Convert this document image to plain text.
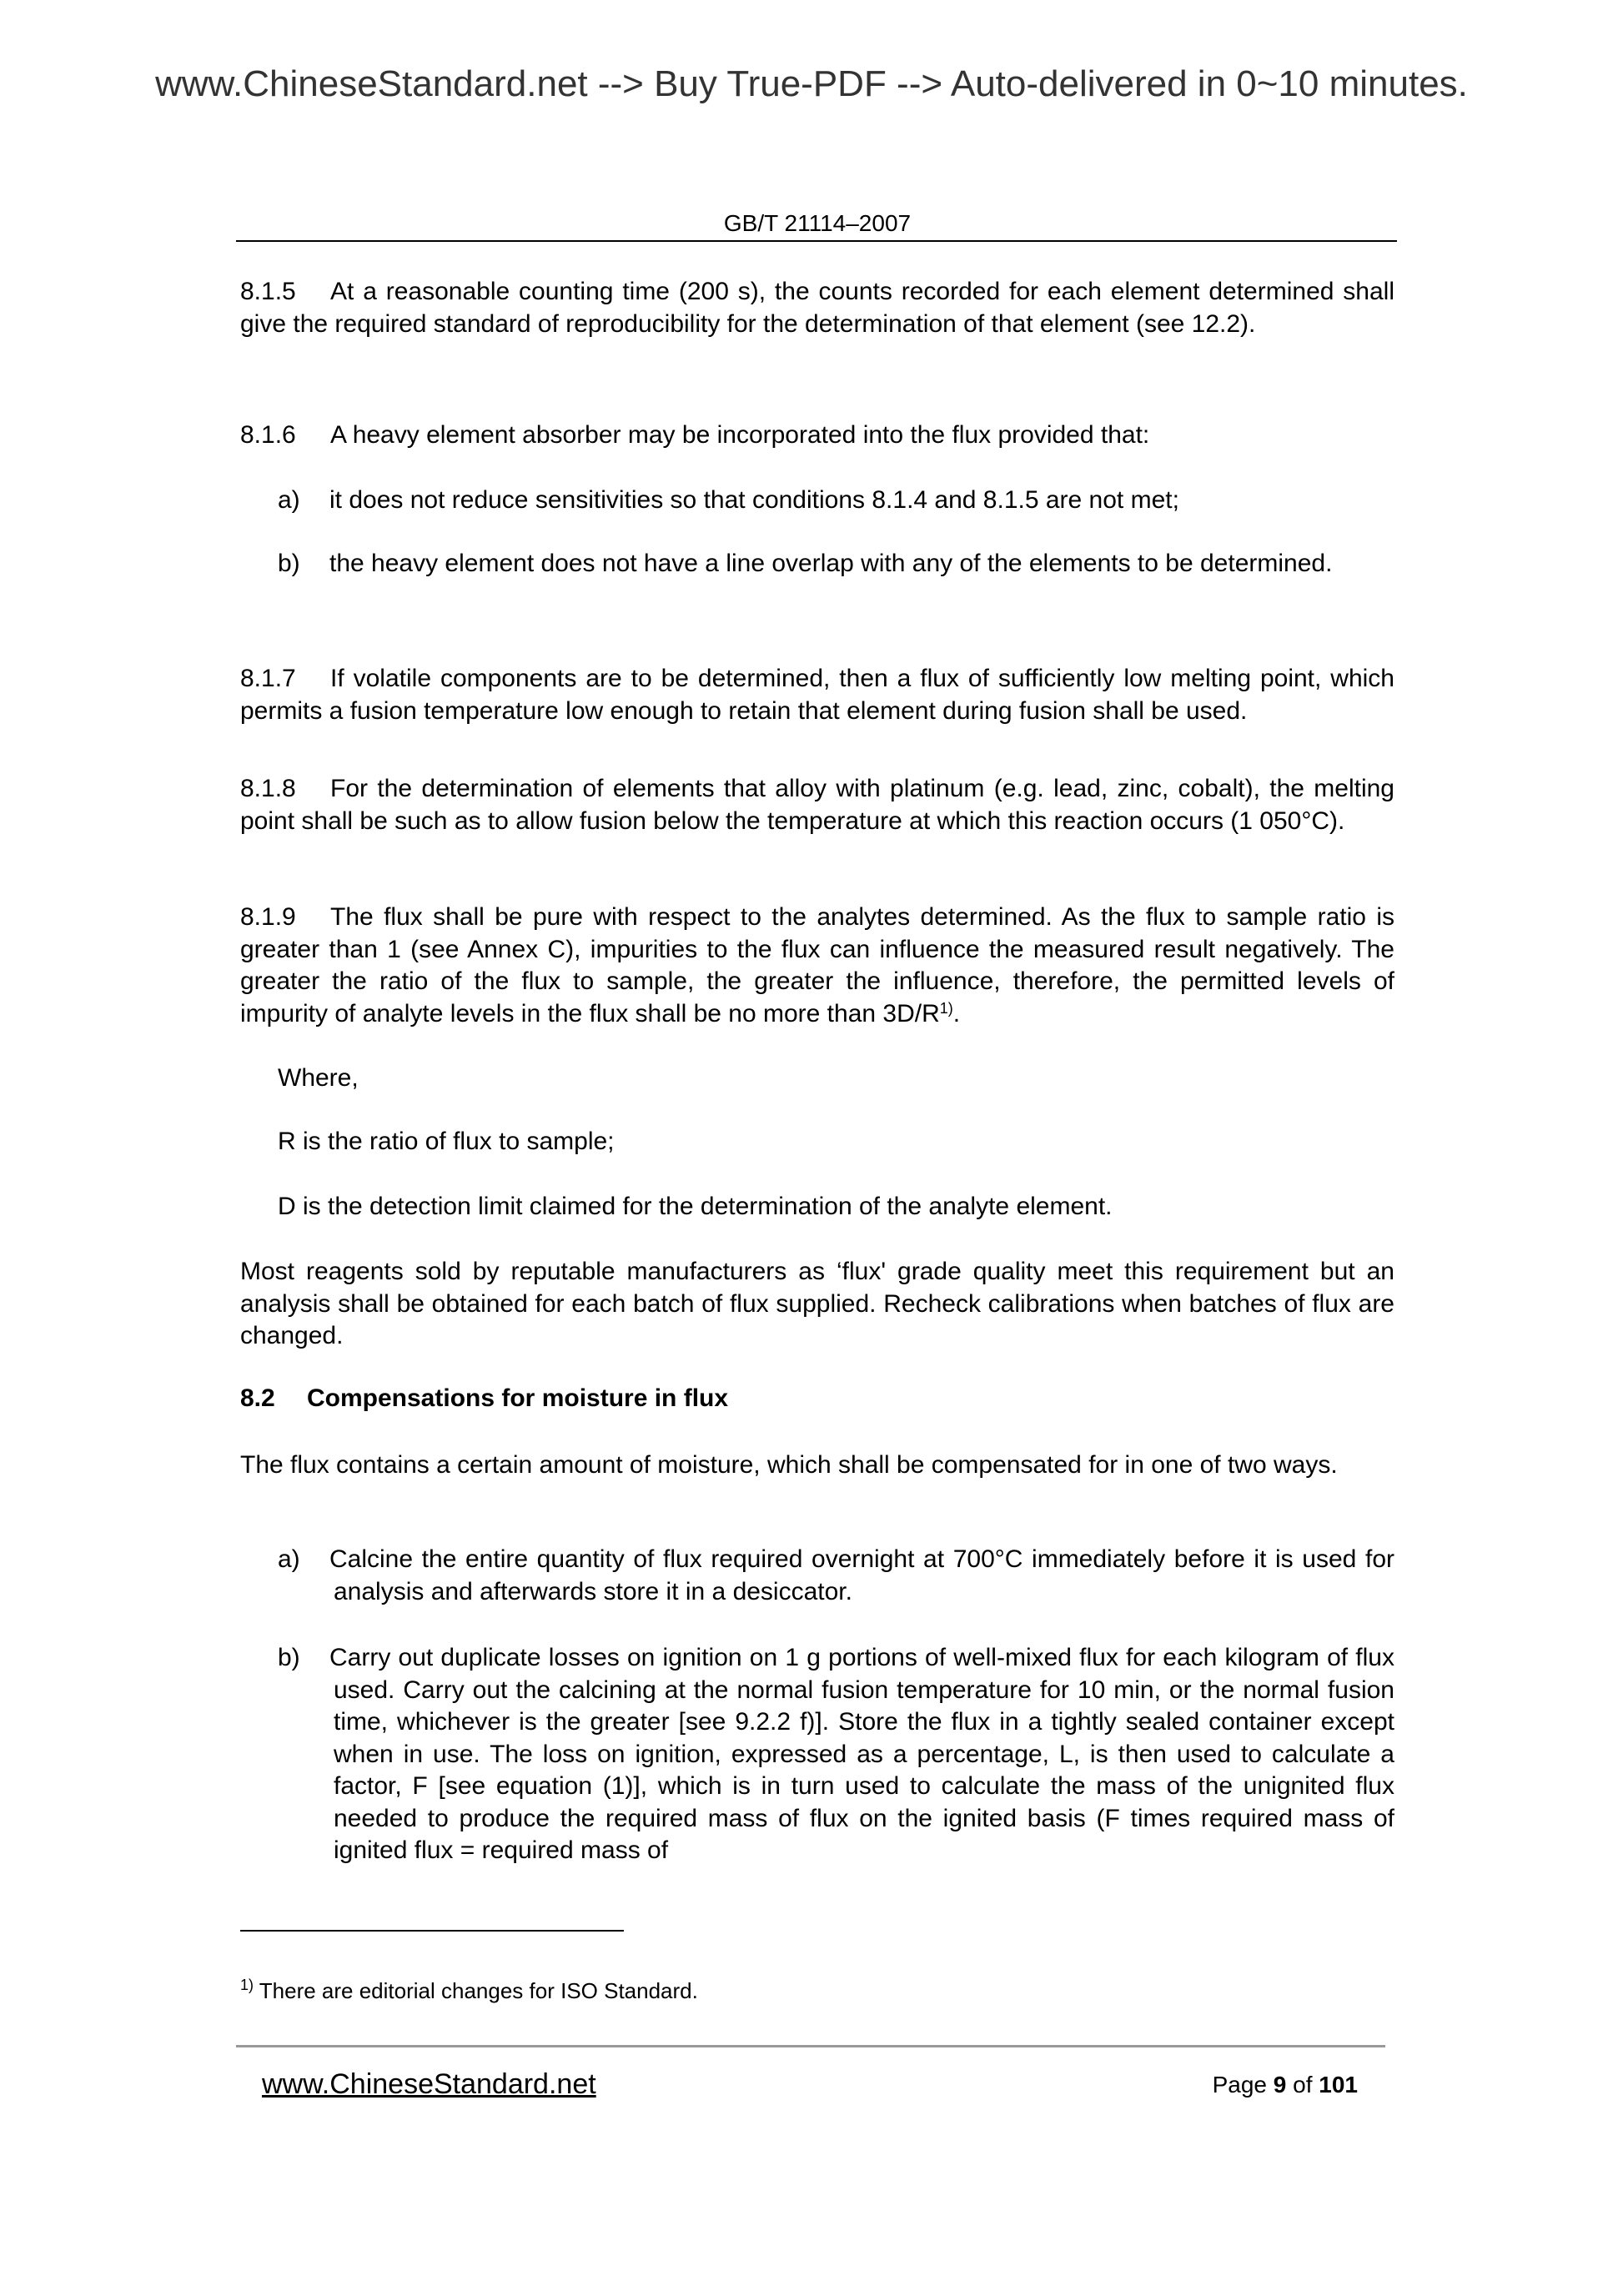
www.ChineseStandard.net --> Buy True-PDF --> Auto-delivered in 0~10 minutes.
GB/T 21114–2007
8.1.5 At a reasonable counting time (200 s), the counts recorded for each element determined shall give the required standard of reproducibility for the determination of that element (see 12.2).
8.1.6 A heavy element absorber may be incorporated into the flux provided that:
a) it does not reduce sensitivities so that conditions 8.1.4 and 8.1.5 are not met;
b) the heavy element does not have a line overlap with any of the elements to be determined.
8.1.7 If volatile components are to be determined, then a flux of sufficiently low melting point, which permits a fusion temperature low enough to retain that element during fusion shall be used.
8.1.8 For the determination of elements that alloy with platinum (e.g. lead, zinc, cobalt), the melting point shall be such as to allow fusion below the temperature at which this reaction occurs (1 050°C).
8.1.9 The flux shall be pure with respect to the analytes determined. As the flux to sample ratio is greater than 1 (see Annex C), impurities to the flux can influence the measured result negatively. The greater the ratio of the flux to sample, the greater the influence, therefore, the permitted levels of impurity of analyte levels in the flux shall be no more than $3D/R^{1)}$.
Where,
R is the ratio of flux to sample;
D is the detection limit claimed for the determination of the analyte element.
Most reagents sold by reputable manufacturers as ‘flux' grade quality meet this requirement but an analysis shall be obtained for each batch of flux supplied. Recheck calibrations when batches of flux are changed.
8.2 Compensations for moisture in flux
The flux contains a certain amount of moisture, which shall be compensated for in one of two ways.
a) Calcine the entire quantity of flux required overnight at 700°C immediately before it is used for analysis and afterwards store it in a desiccator.
b) Carry out duplicate losses on ignition on 1 g portions of well-mixed flux for each kilogram of flux used. Carry out the calcining at the normal fusion temperature for 10 min, or the normal fusion time, whichever is the greater [see 9.2.2 f)]. Store the flux in a tightly sealed container except when in use. The loss on ignition, expressed as a percentage, L, is then used to calculate a factor, F [see equation (1)], which is in turn used to calculate the mass of the unignited flux needed to produce the required mass of flux on the ignited basis (F times required mass of ignited flux = required mass of
$^{1)}$ There are editorial changes for ISO Standard.
www.ChineseStandard.net	Page 9 of 101
